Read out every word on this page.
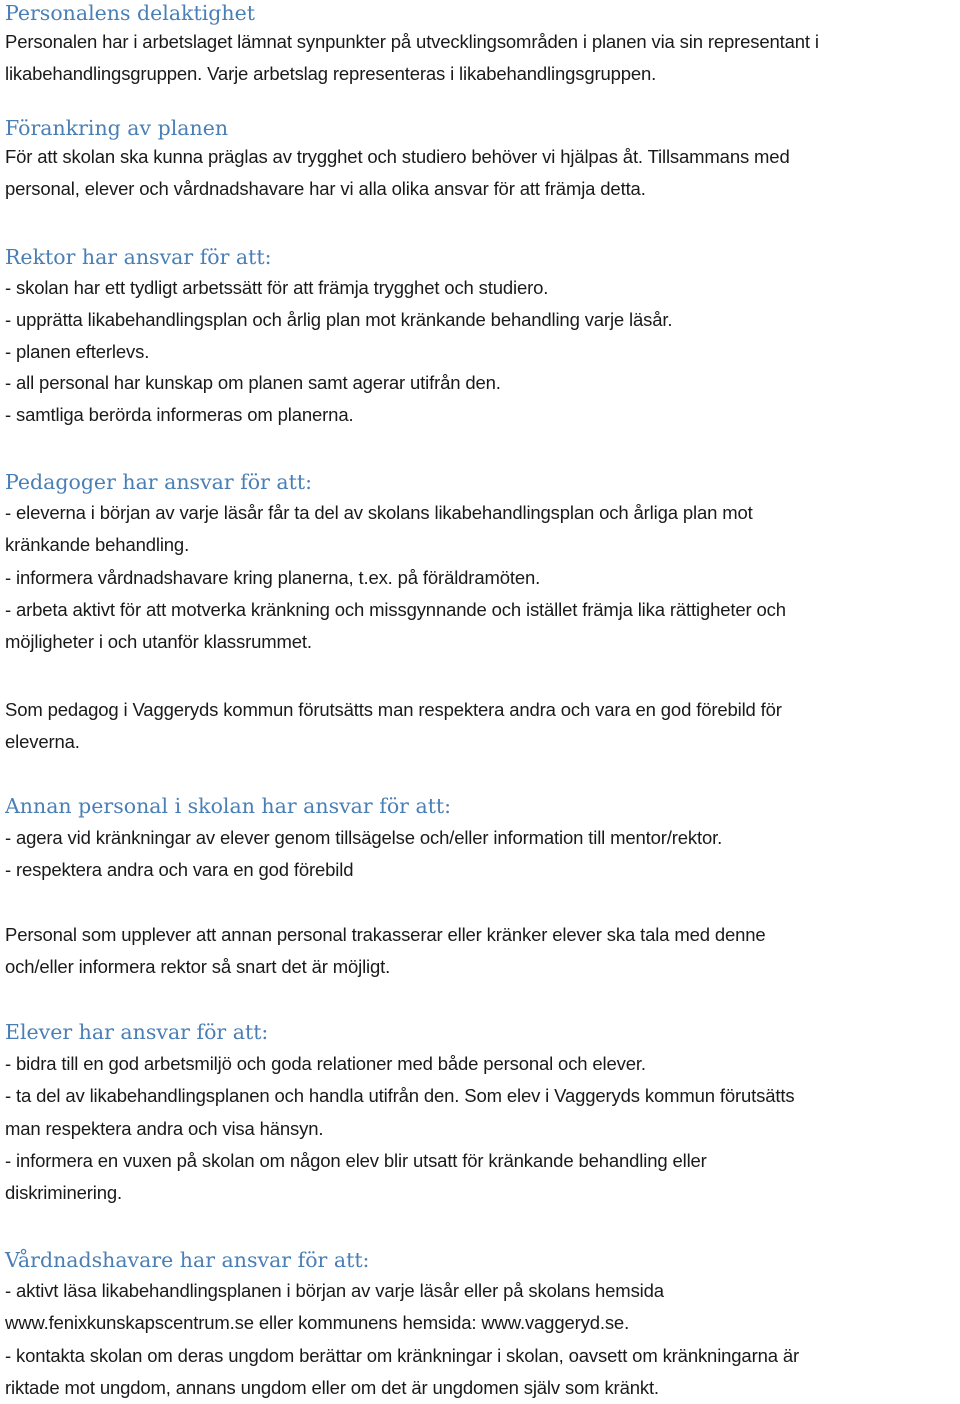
Personalens delaktighet

Personalen har i arbetslaget lämnat synpunkter på utvecklingsområden i planen via sin representant i

likabehandlingsgruppen. Varje arbetslag representeras i likabehandlingsgruppen.

Förankring av planen

För att skolan ska kunna präglas av trygghet och studiero behöver vi hjälpas åt. Tillsammans med

personal, elever och vårdnadshavare har vi alla olika ansvar för att främja detta.

Rektor har ansvar för att:

- skolan har ett tydligt arbetssätt för att främja trygghet och studiero.

- upprätta likabehandlingsplan och årlig plan mot kränkande behandling varje läsår.

- planen efterlevs.

- all personal har kunskap om planen samt agerar utifrån den.

- samtliga berörda informeras om planerna.

Pedagoger har ansvar för att:

- eleverna i början av varje läsår får ta del av skolans likabehandlingsplan och årliga plan mot

kränkande behandling.

- informera vårdnadshavare kring planerna, t.ex. på föräldramöten.

- arbeta aktivt för att motverka kränkning och missgynnande och istället främja lika rättigheter och

möjligheter i och utanför klassrummet.

Som pedagog i Vaggeryds kommun förutsätts man respektera andra och vara en god förebild för

eleverna.

Annan personal i skolan har ansvar för att:

- agera vid kränkningar av elever genom tillsägelse och/eller information till mentor/rektor.

- respektera andra och vara en god förebild

Personal som upplever att annan personal trakasserar eller kränker elever ska tala med denne

och/eller informera rektor så snart det är möjligt.

Elever har ansvar för att:

- bidra till en god arbetsmiljö och goda relationer med både personal och elever.

- ta del av likabehandlingsplanen och handla utifrån den. Som elev i Vaggeryds kommun förutsätts

man respektera andra och visa hänsyn.

- informera en vuxen på skolan om någon elev blir utsatt för kränkande behandling eller

diskriminering.

Vårdnadshavare har ansvar för att:

- aktivt läsa likabehandlingsplanen i början av varje läsår eller på skolans hemsida

www.fenixkunskapscentrum.se eller kommunens hemsida: www.vaggeryd.se.

- kontakta skolan om deras ungdom berättar om kränkningar i skolan, oavsett om kränkningarna är

riktade mot ungdom, annans ungdom eller om det är ungdomen själv som kränkt.
